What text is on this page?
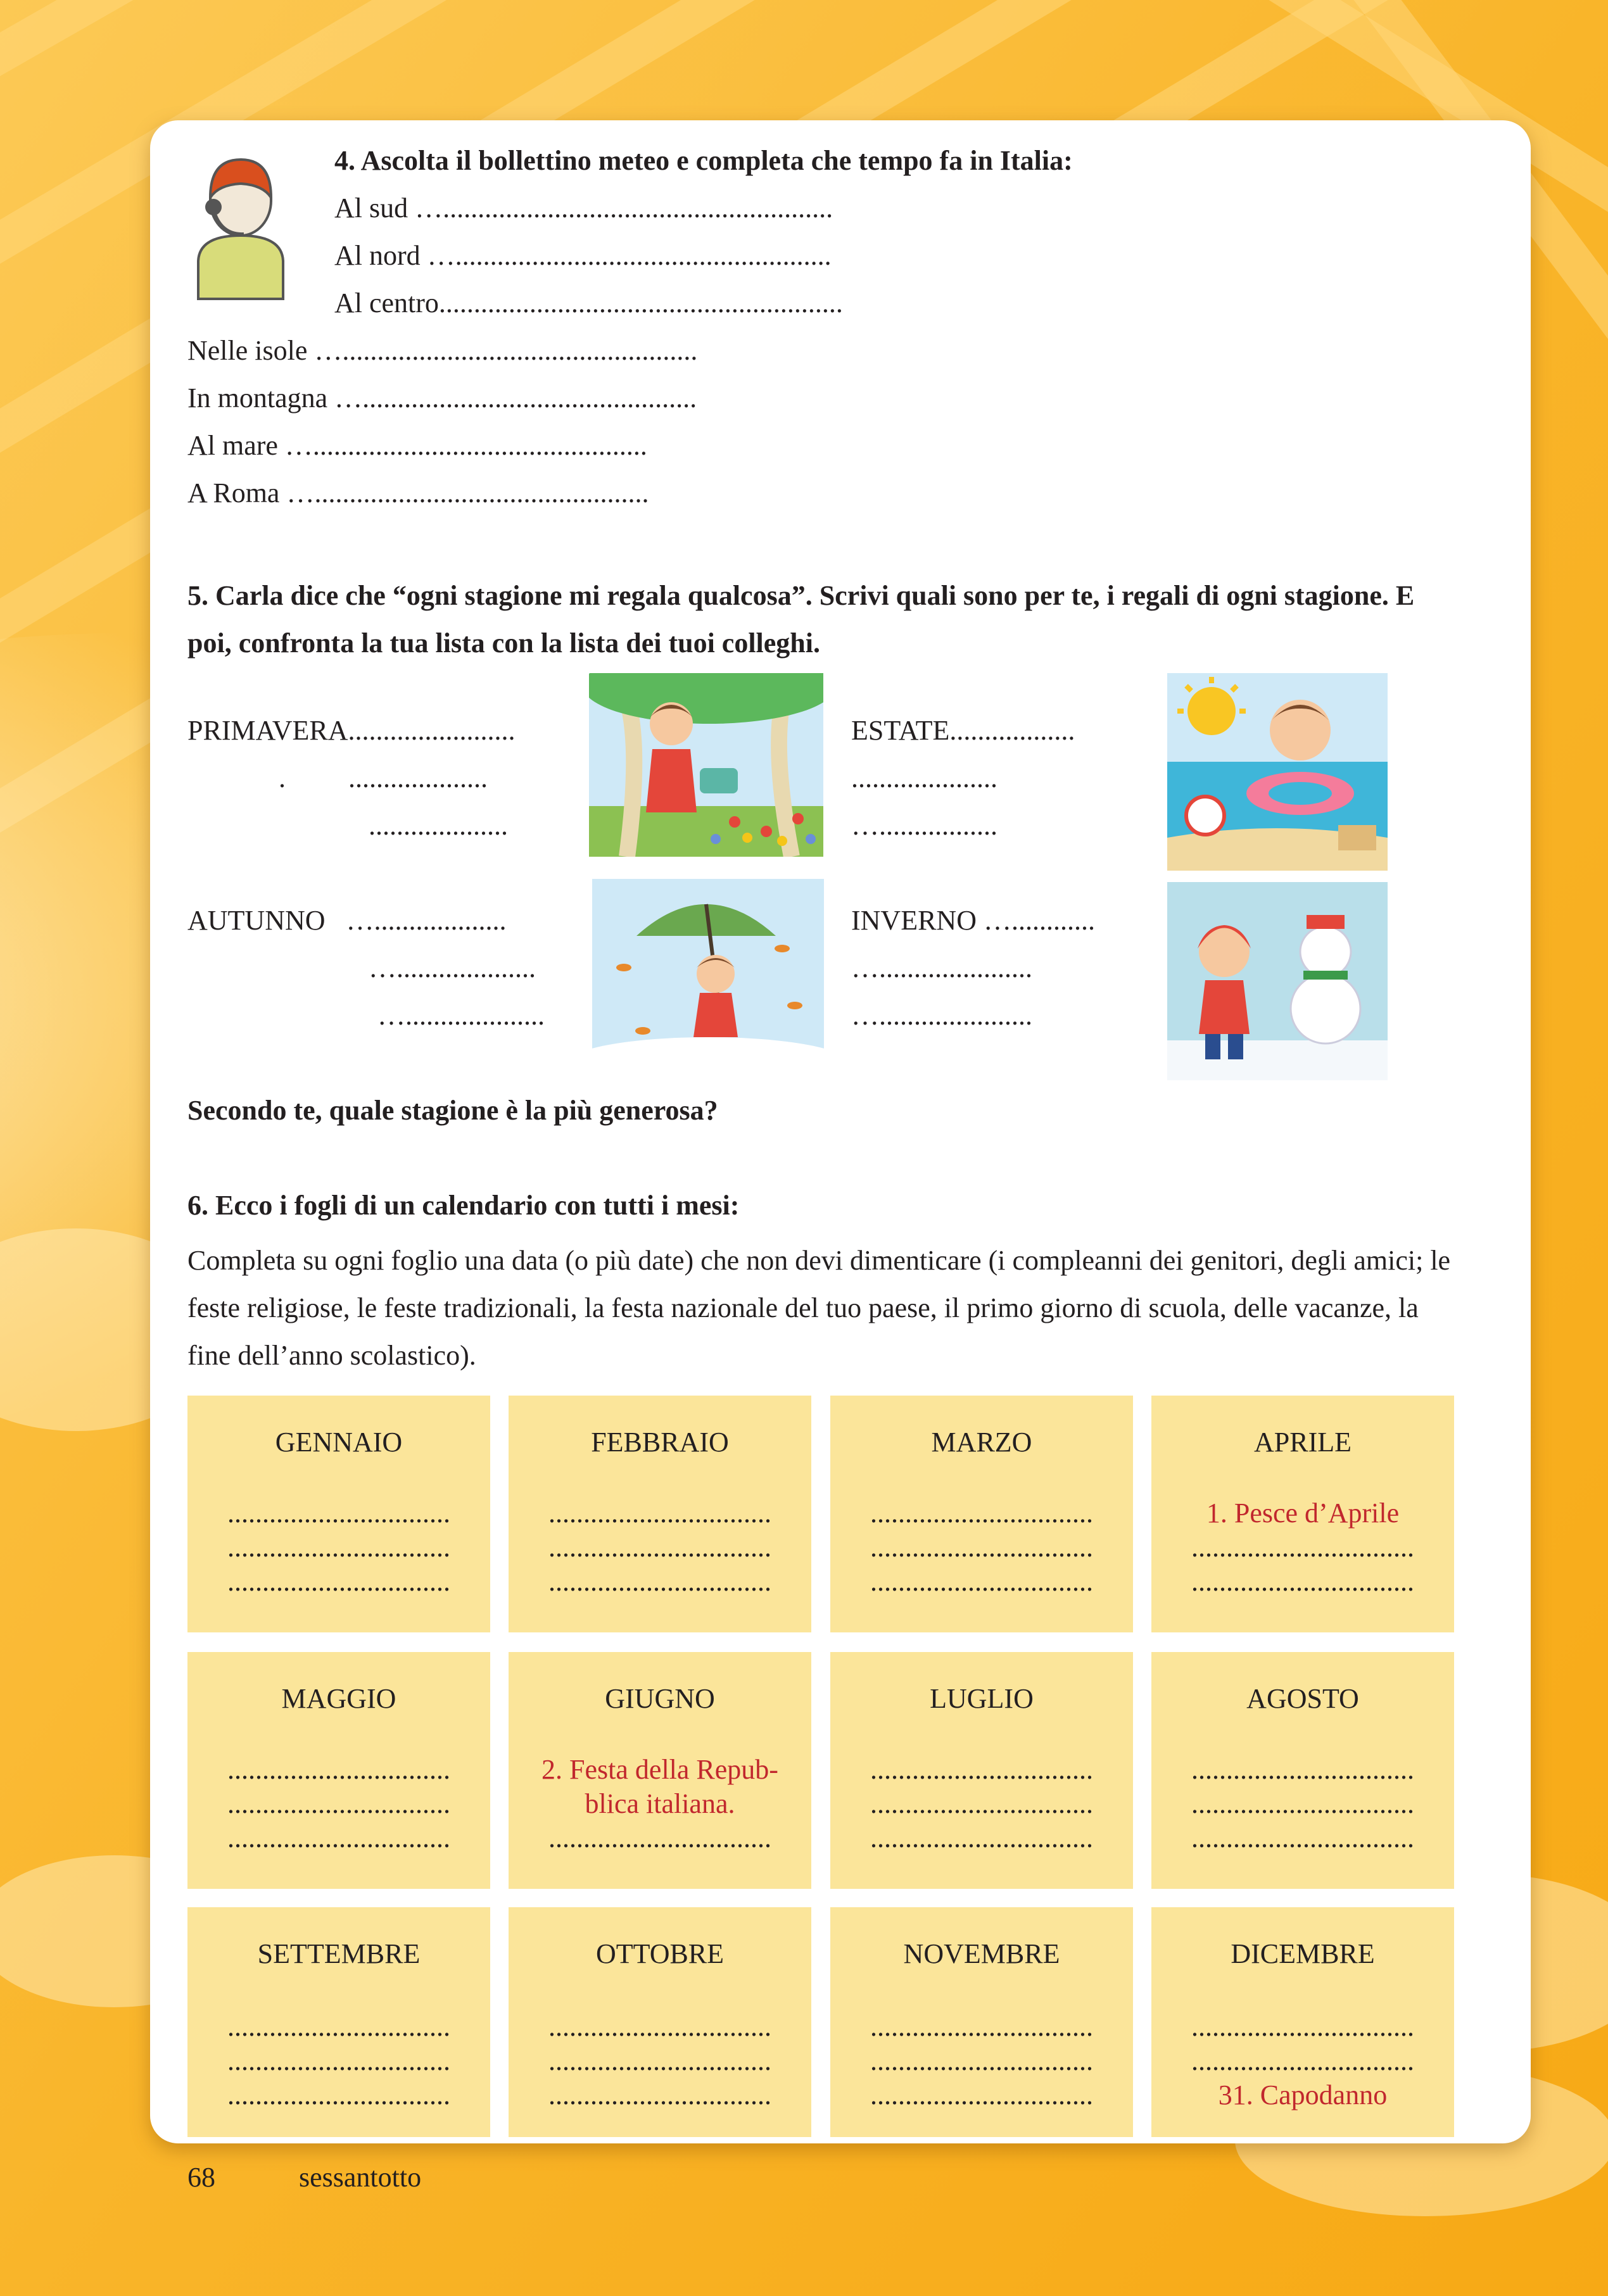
4. Ascolta il bollettino meteo e completa che tempo fa in Italia:
Al sud …........................................................
Al nord …......................................................
Al centro..........................................................
Nelle isole …...................................................
In montagna …................................................
Al mare …................................................
A Roma …................................................
5. Carla dice che “ogni stagione mi regala qualcosa”. Scrivi quali sono per te, i regali di ogni stagione. E poi, confronta la tua lista con la lista dei tuoi colleghi.
PRIMAVERA........................
.         ....................
....................
ESTATE..................
.....................
….................
AUTUNNO   …...................
…....................
…....................
INVERNO …............
…......................
…......................
Secondo te, quale stagione è la più generosa?
6. Ecco i fogli di un calendario con tutti i mesi:
Completa su ogni foglio una data (o più date) che non devi dimenticare (i compleanni dei genitori, degli amici; le feste religiose, le feste tradizionali, la festa nazionale del tuo paese, il primo giorno di scuola, delle vacanze, la fine dell’anno scolastico).
GENNAIO
................................
................................
................................
FEBBRAIO
................................
................................
................................
MARZO
................................
................................
................................
APRILE
1. Pesce d’Aprile
................................
................................
MAGGIO
................................
................................
................................
GIUGNO
2. Festa della Repub-
blica italiana.
................................
LUGLIO
................................
................................
................................
AGOSTO
................................
................................
................................
SETTEMBRE
................................
................................
................................
OTTOBRE
................................
................................
................................
NOVEMBRE
................................
................................
................................
DICEMBRE
................................
................................
31. Capodanno
68	sessantotto
